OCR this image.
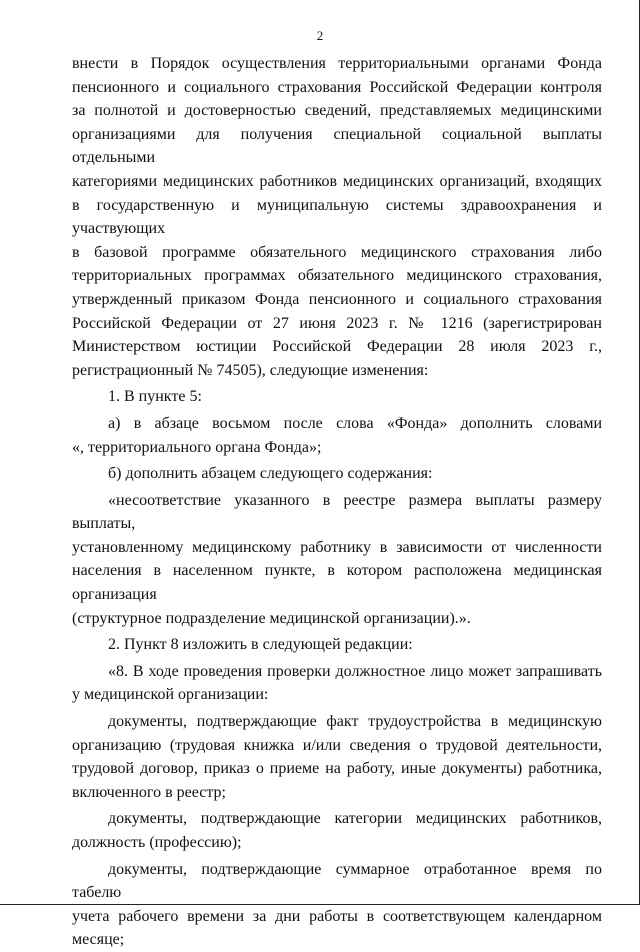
2

внести в Порядок осуществления территориальными органами Фонда

пенсионного и социального страхования Российской Федерации контроля

за полнотой и достоверностью сведений, представляемых медицинскими

организациями для получения специальной социальной выплаты отдельными

категориями медицинских работников медицинских организаций, входящих

в государственную и муниципальную системы здравоохранения и участвующих

в базовой программе обязательного медицинского страхования либо

территориальных программах обязательного медицинского страхования,

утвержденный приказом Фонда пенсионного и социального страхования

Российской Федерации от 27 июня 2023 г. № 1216 (зарегистрирован

Министерством юстиции Российской Федерации 28 июля 2023 г.,

регистрационный № 74505), следующие изменения:

1. В пункте 5:

а) в абзаце восьмом после слова «Фонда» дополнить словами

«, территориального органа Фонда»;

б) дополнить абзацем следующего содержания:

«несоответствие указанного в реестре размера выплаты размеру выплаты,

установленному медицинскому работнику в зависимости от численности

населения в населенном пункте, в котором расположена медицинская организация

(структурное подразделение медицинской организации).».

2. Пункт 8 изложить в следующей редакции:

«8. В ходе проведения проверки должностное лицо может запрашивать

у медицинской организации:

документы, подтверждающие факт трудоустройства в медицинскую

организацию (трудовая книжка и/или сведения о трудовой деятельности,

трудовой договор, приказ о приеме на работу, иные документы) работника,

включенного в реестр;

документы, подтверждающие категории медицинских работников,

должность (профессию);

документы, подтверждающие суммарное отработанное время по табелю

учета рабочего времени за дни работы в соответствующем календарном месяце;
